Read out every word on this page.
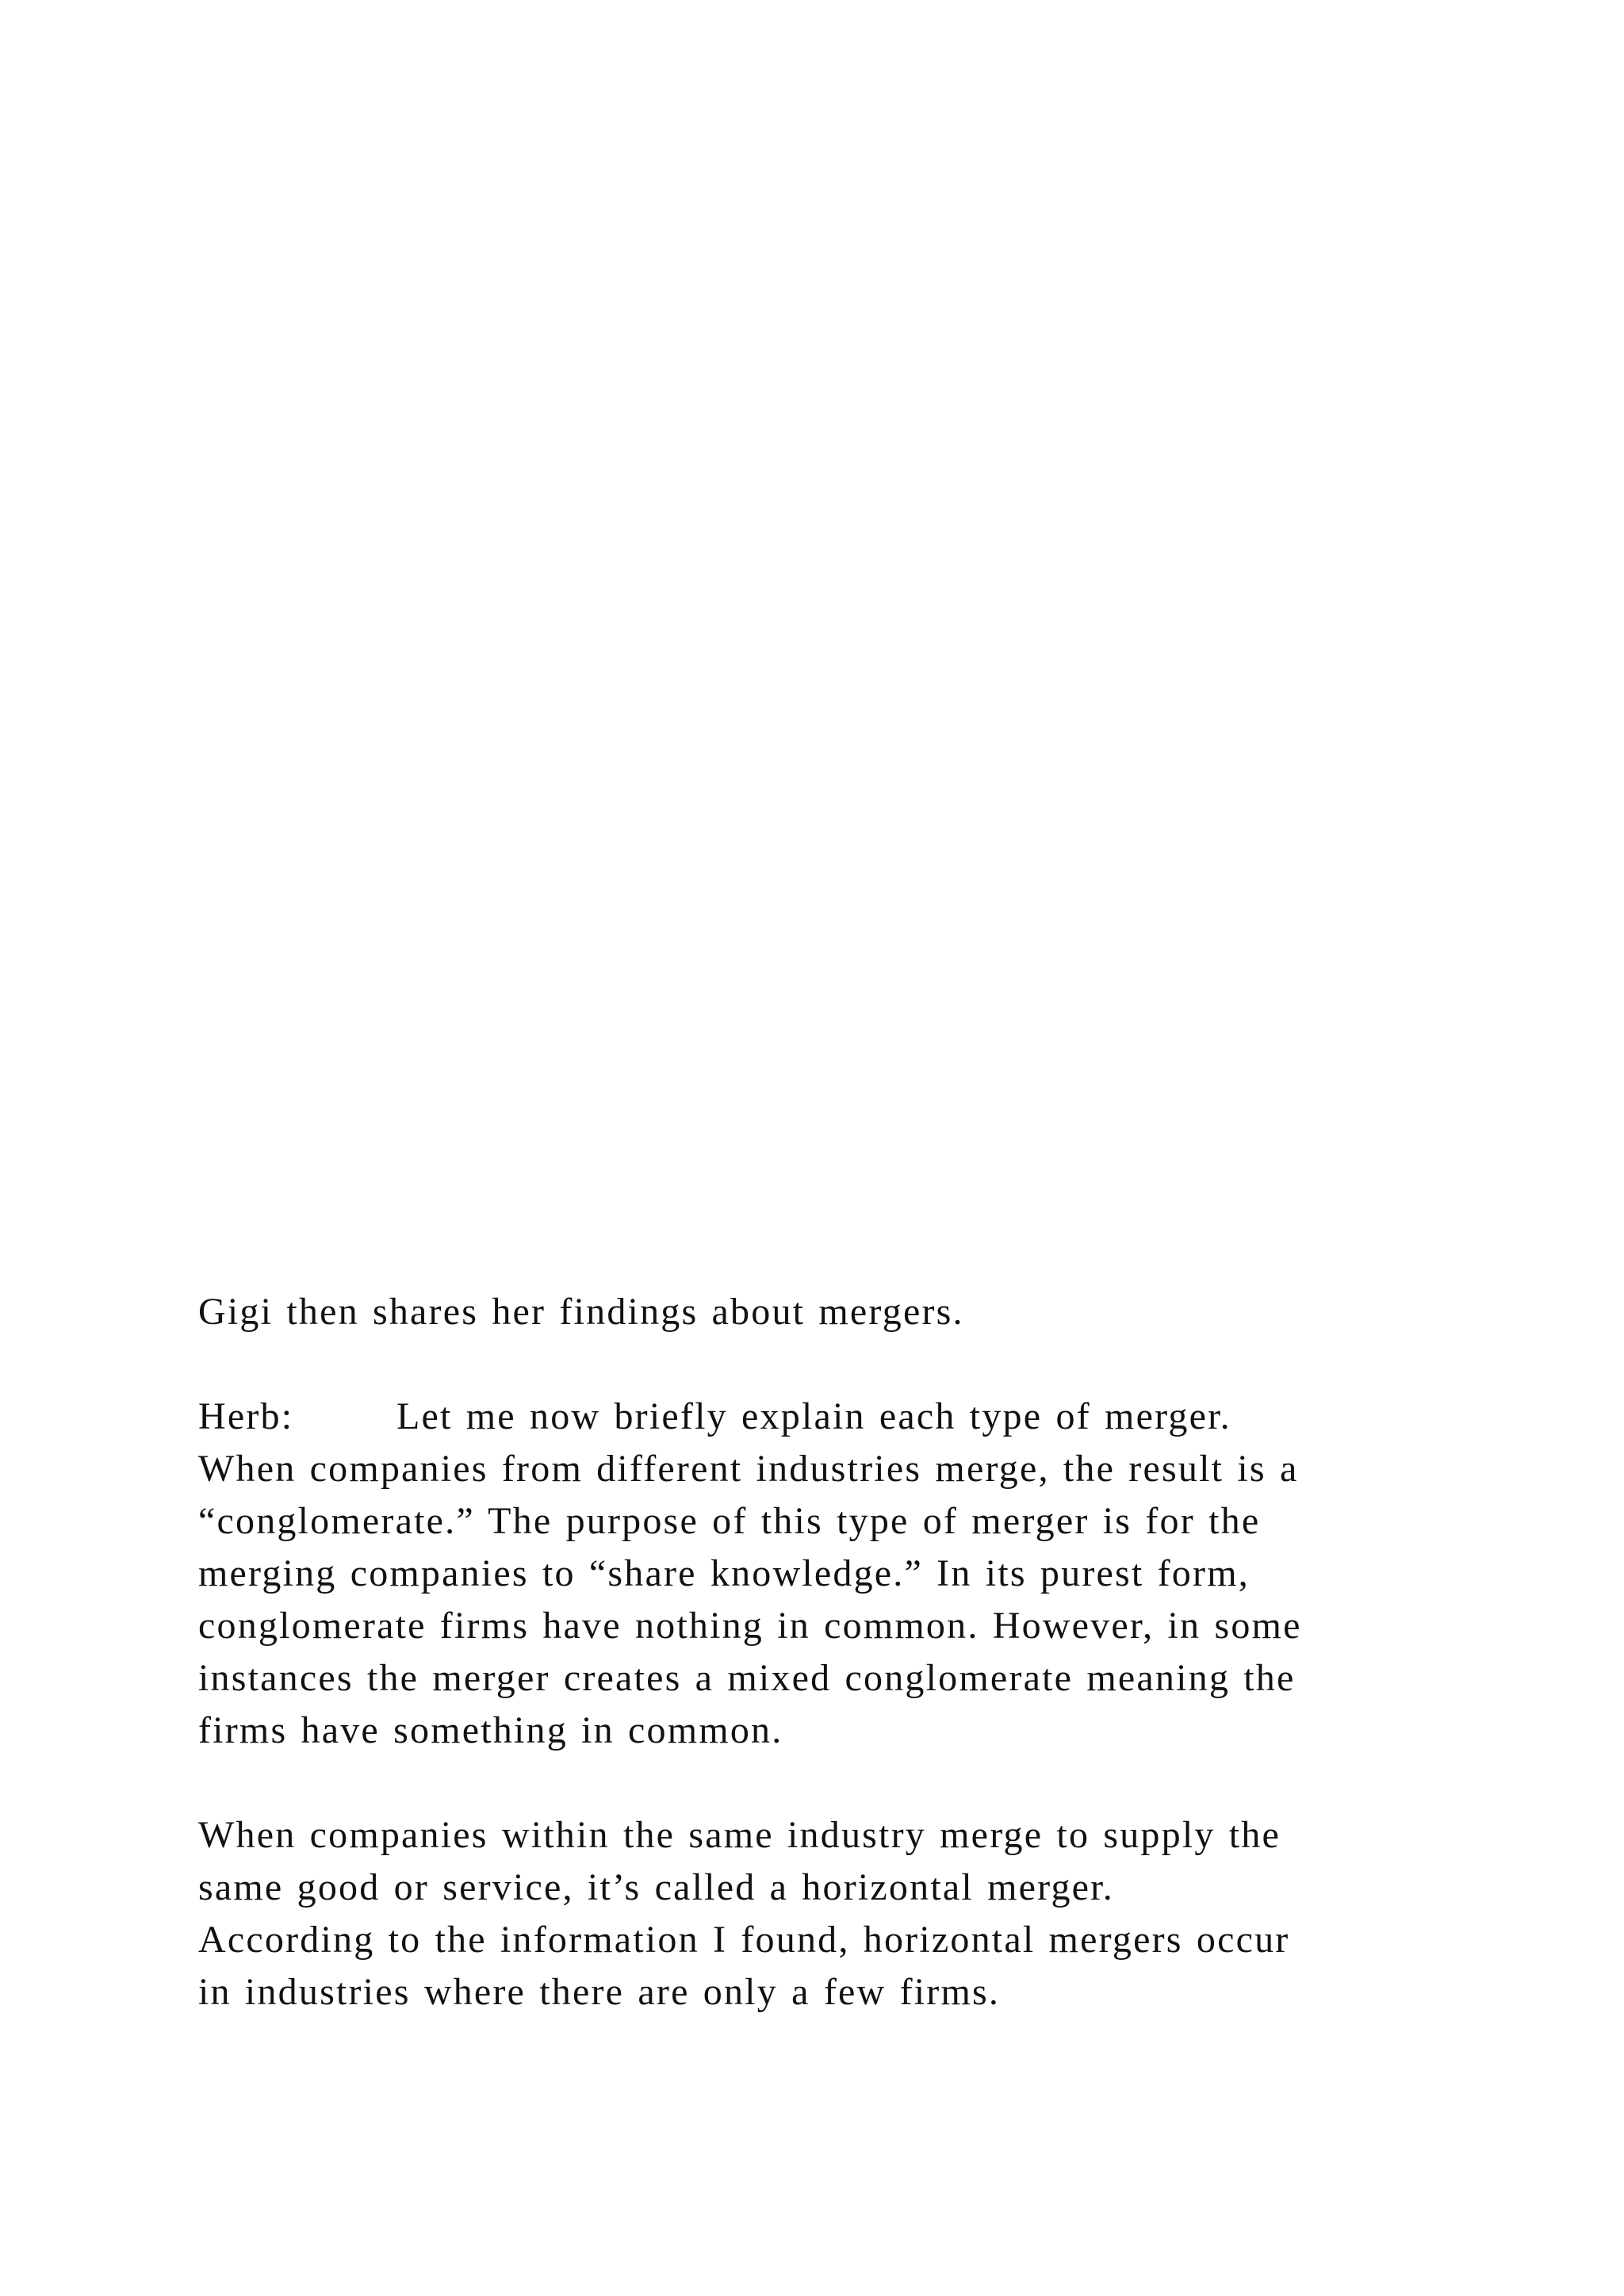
Gigi then shares her findings about mergers.
Herb:	Let me now briefly explain each type of merger.
When companies from different industries merge, the result is a
“conglomerate.” The purpose of this type of merger is for the
merging companies to “share knowledge.” In its purest form,
conglomerate firms have nothing in common. However, in some
instances the merger creates a mixed conglomerate meaning the
firms have something in common.
When companies within the same industry merge to supply the
same good or service, it’s called a horizontal merger.
According to the information I found, horizontal mergers occur
in industries where there are only a few firms.
